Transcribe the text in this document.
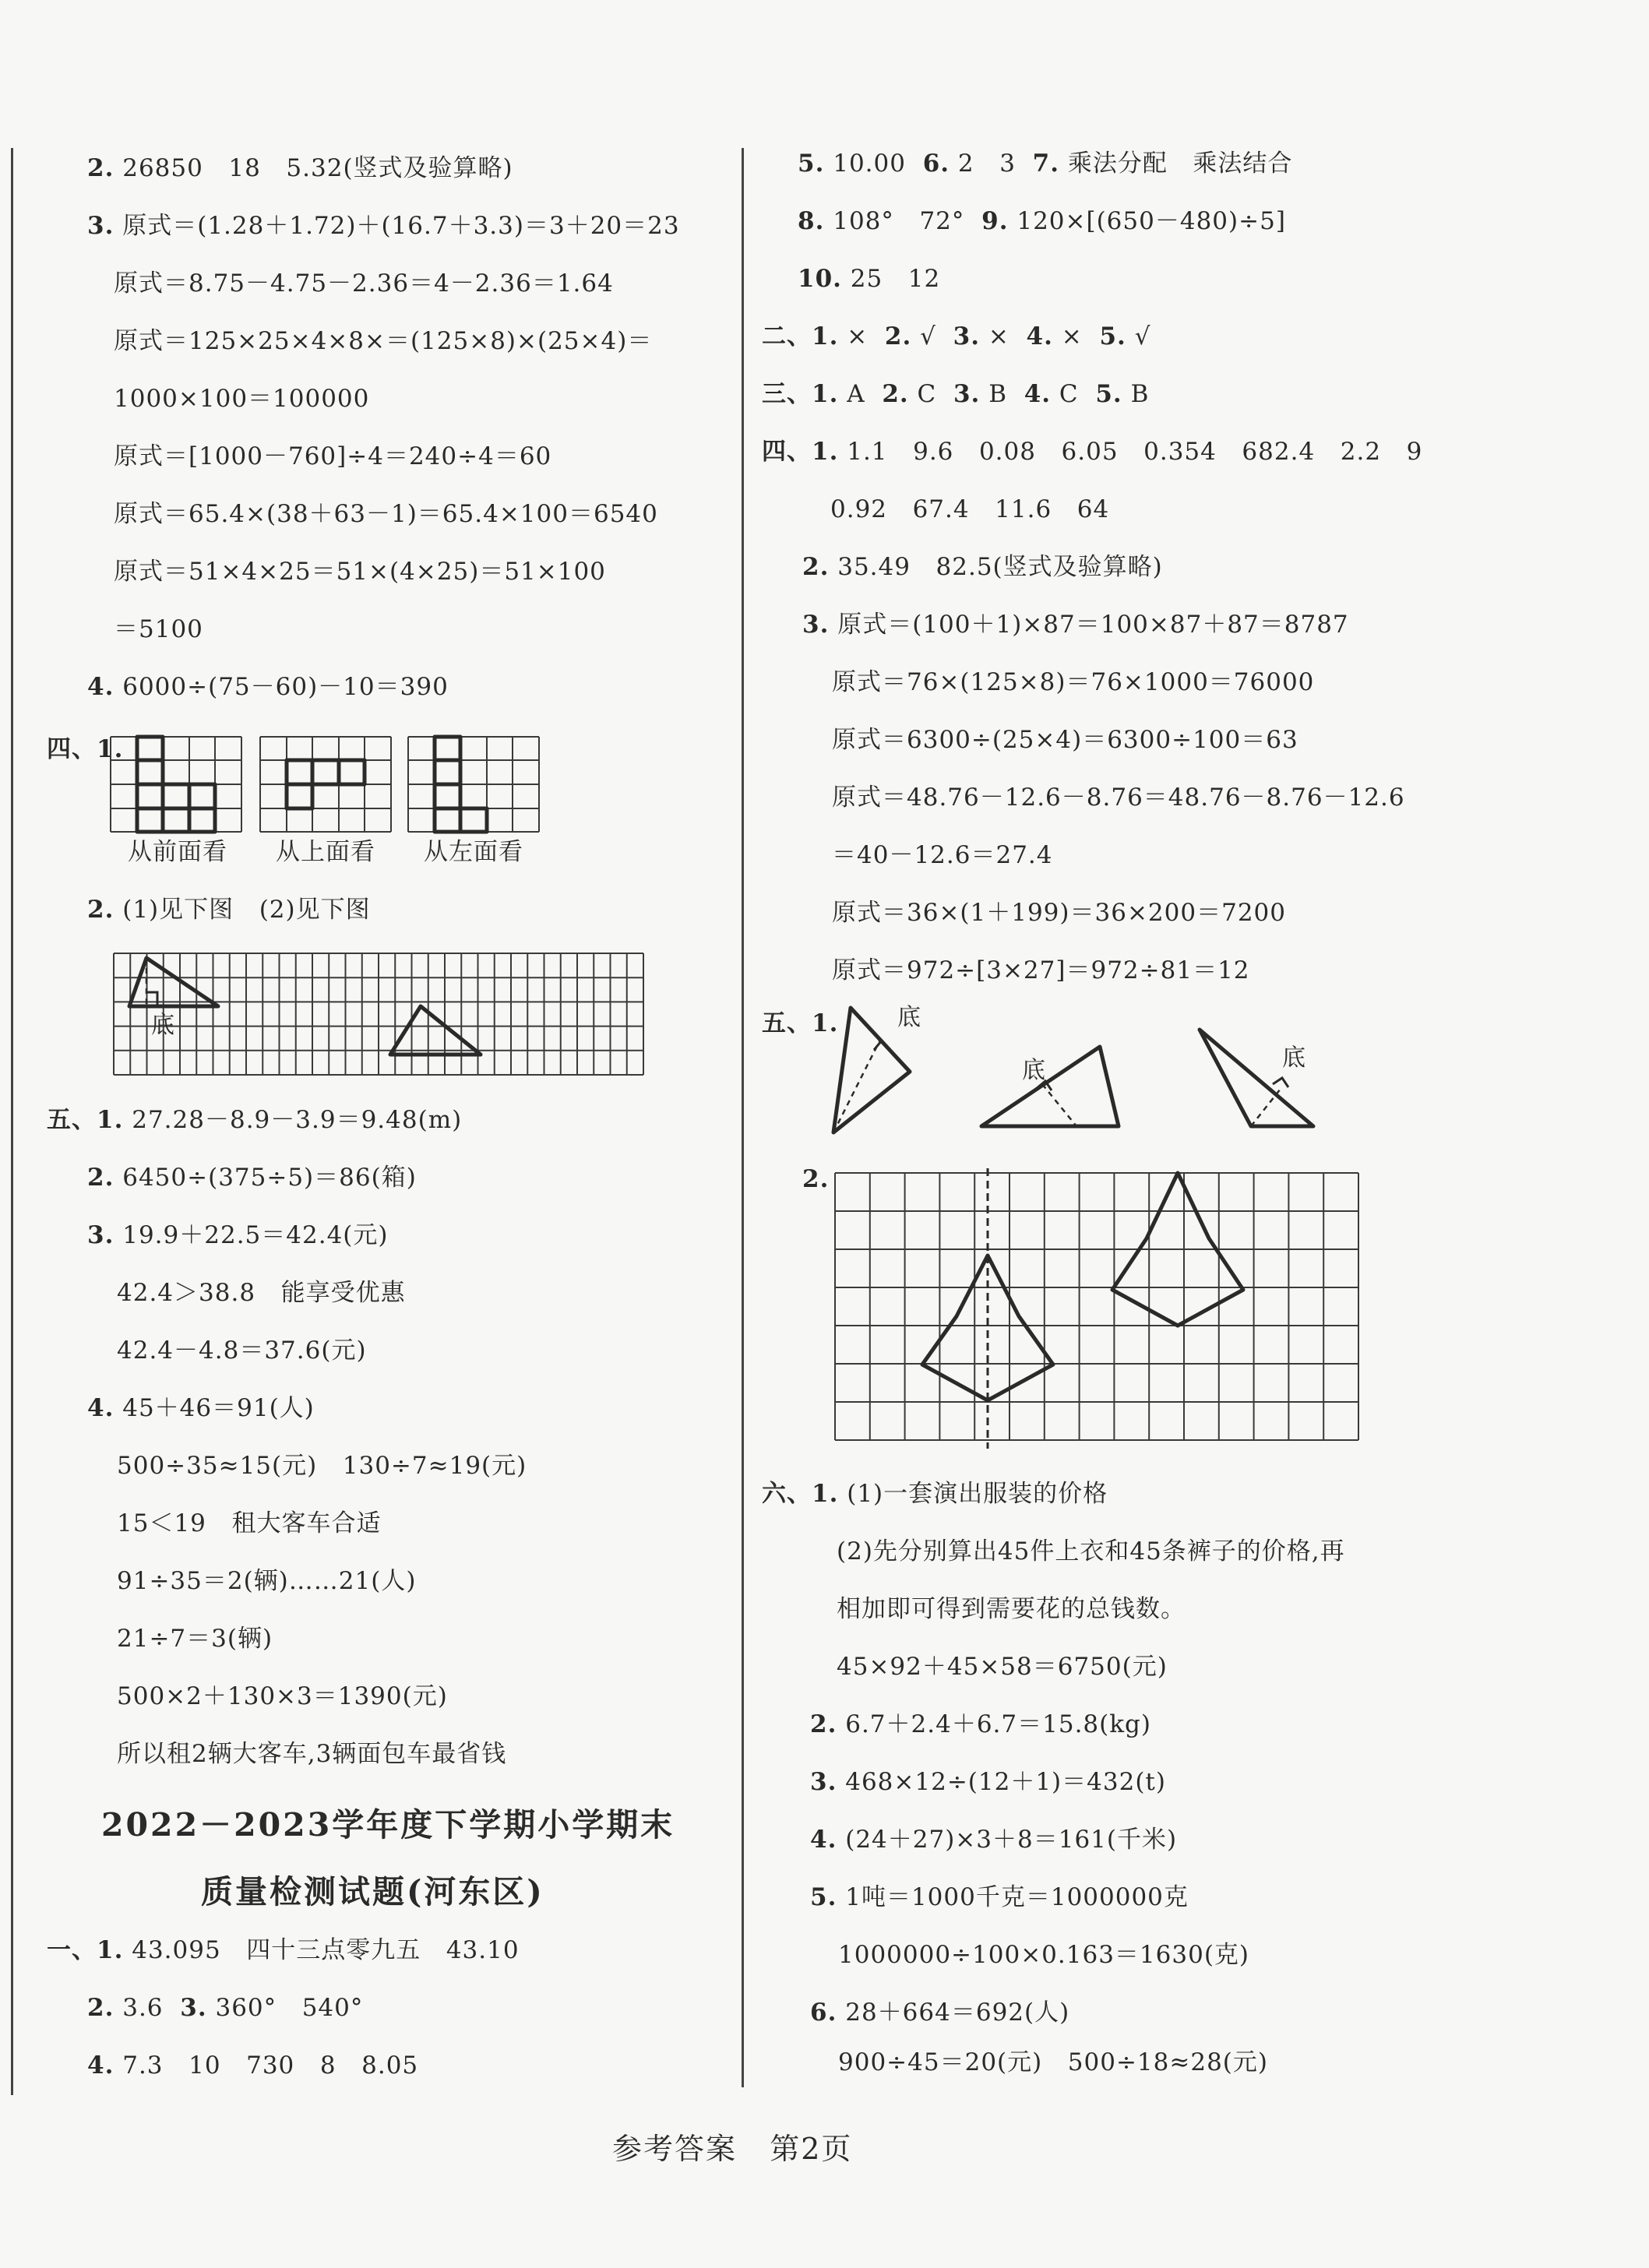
2. 26850   18   5.32(竖式及验算略)
3. 原式＝(1.28＋1.72)＋(16.7＋3.3)＝3＋20＝23
原式＝8.75－4.75－2.36＝4－2.36＝1.64
原式＝125×25×4×8×＝(125×8)×(25×4)＝
1000×100＝100000
原式＝[1000－760]÷4＝240÷4＝60
原式＝65.4×(38＋63－1)＝65.4×100＝6540
原式＝51×4×25＝51×(4×25)＝51×100
＝5100
4. 6000÷(75－60)－10＝390
四、1.
从前面看 从上面看 从左面看
2. (1)见下图   (2)见下图
底
五、1. 27.28－8.9－3.9＝9.48(m)
2. 6450÷(375÷5)＝86(箱)
3. 19.9＋22.5＝42.4(元)
42.4＞38.8   能享受优惠
42.4－4.8＝37.6(元)
4. 45＋46＝91(人)
500÷35≈15(元)   130÷7≈19(元)
15＜19   租大客车合适
91÷35＝2(辆)……21(人)
21÷7＝3(辆)
500×2＋130×3＝1390(元)
所以租2辆大客车,3辆面包车最省钱
2022－2023学年度下学期小学期末
质量检测试题(河东区)
一、1. 43.095   四十三点零九五   43.10
2. 3.6  3. 360°   540°
4. 7.3   10   730   8   8.05
5. 10.00  6. 2   3  7. 乘法分配   乘法结合
8. 108°   72°  9. 120×[(650－480)÷5]
10. 25   12
二、1. ×  2. √  3. ×  4. ×  5. √
三、1. A  2. C  3. B  4. C  5. B
四、1. 1.1   9.6   0.08   6.05   0.354   682.4   2.2   9
0.92   67.4   11.6   64
2. 35.49   82.5(竖式及验算略)
3. 原式＝(100＋1)×87＝100×87＋87＝8787
原式＝76×(125×8)＝76×1000＝76000
原式＝6300÷(25×4)＝6300÷100＝63
原式＝48.76－12.6－8.76＝48.76－8.76－12.6
＝40－12.6＝27.4
原式＝36×(1＋199)＝36×200＝7200
原式＝972÷[3×27]＝972÷81＝12
五、1.	底
底	底
2.
六、1. (1)一套演出服装的价格
(2)先分别算出45件上衣和45条裤子的价格,再
相加即可得到需要花的总钱数。
45×92＋45×58＝6750(元)
2. 6.7＋2.4＋6.7＝15.8(kg)
3. 468×12÷(12＋1)＝432(t)
4. (24＋27)×3＋8＝161(千米)
5. 1吨＝1000千克＝1000000克
1000000÷100×0.163＝1630(克)
6. 28＋664＝692(人)
900÷45＝20(元)   500÷18≈28(元)
参考答案   第2页
